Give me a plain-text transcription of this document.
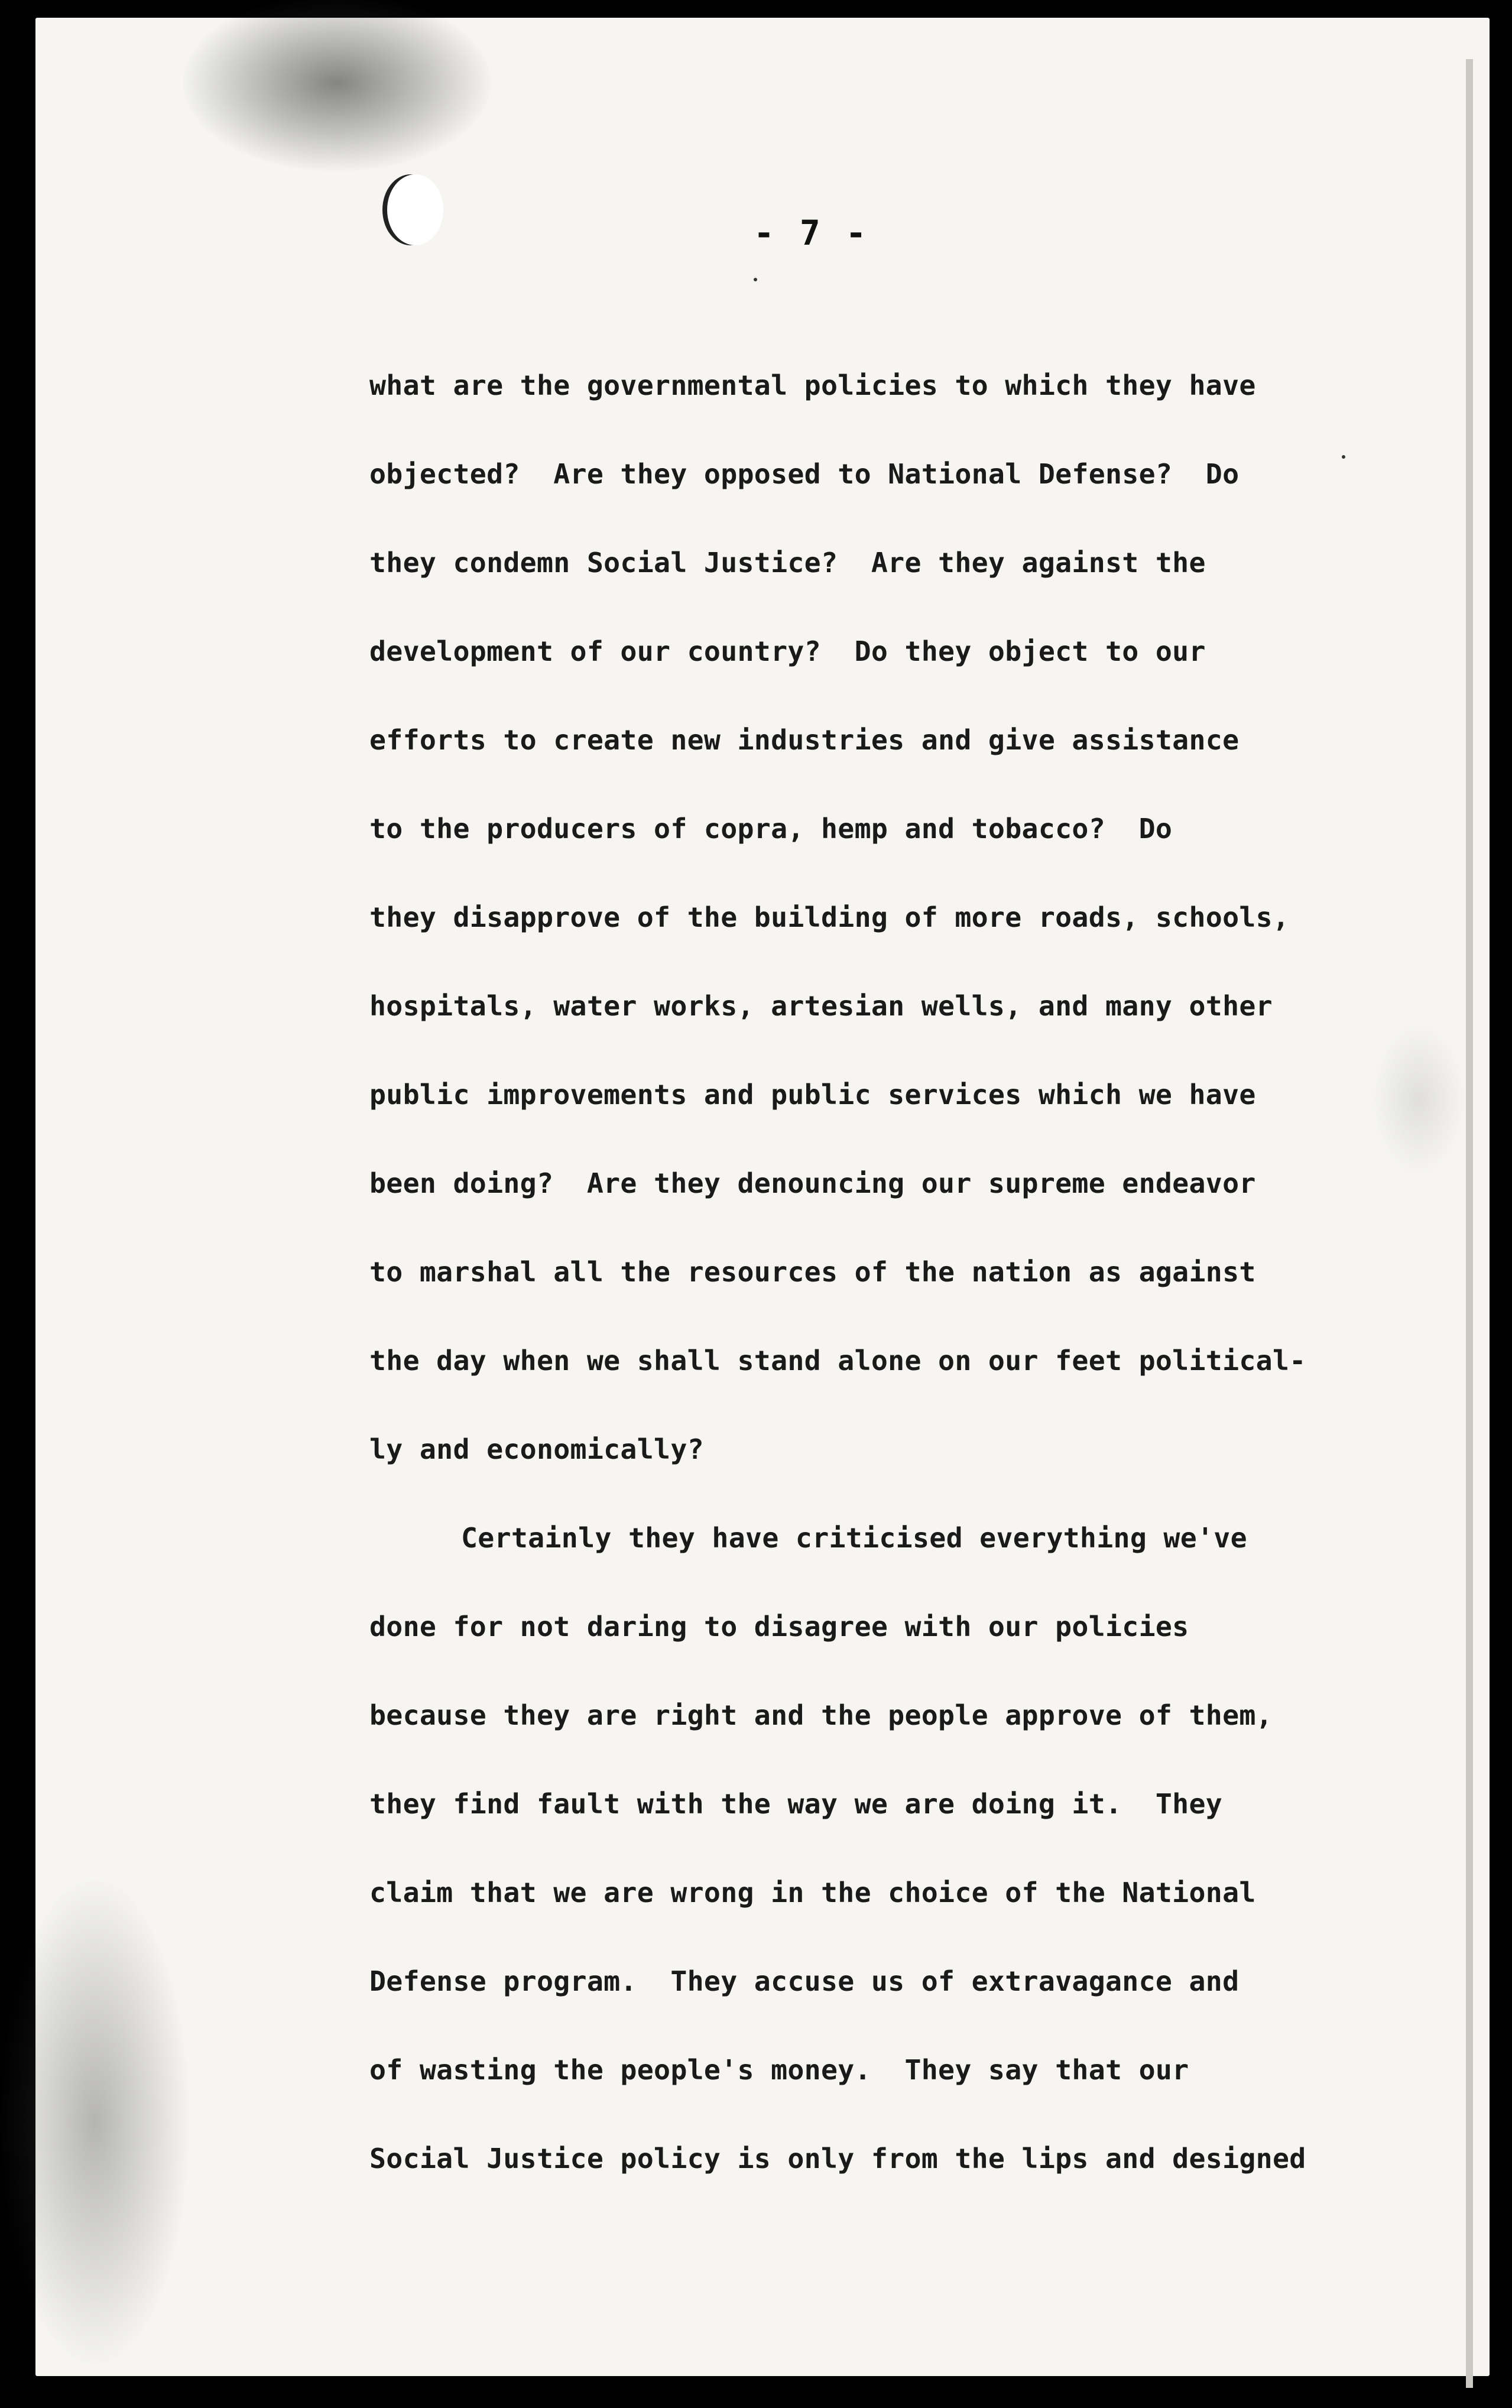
- 7 -
what are the governmental policies to which they have
objected?  Are they opposed to National Defense?  Do
they condemn Social Justice?  Are they against the
development of our country?  Do they object to our
efforts to create new industries and give assistance
to the producers of copra, hemp and tobacco?  Do
they disapprove of the building of more roads, schools,
hospitals, water works, artesian wells, and many other
public improvements and public services which we have
been doing?  Are they denouncing our supreme endeavor
to marshal all the resources of the nation as against
the day when we shall stand alone on our feet political-
ly and economically?
Certainly they have criticised everything we've
done for not daring to disagree with our policies
because they are right and the people approve of them,
they find fault with the way we are doing it.  They
claim that we are wrong in the choice of the National
Defense program.  They accuse us of extravagance and
of wasting the people's money.  They say that our
Social Justice policy is only from the lips and designed
